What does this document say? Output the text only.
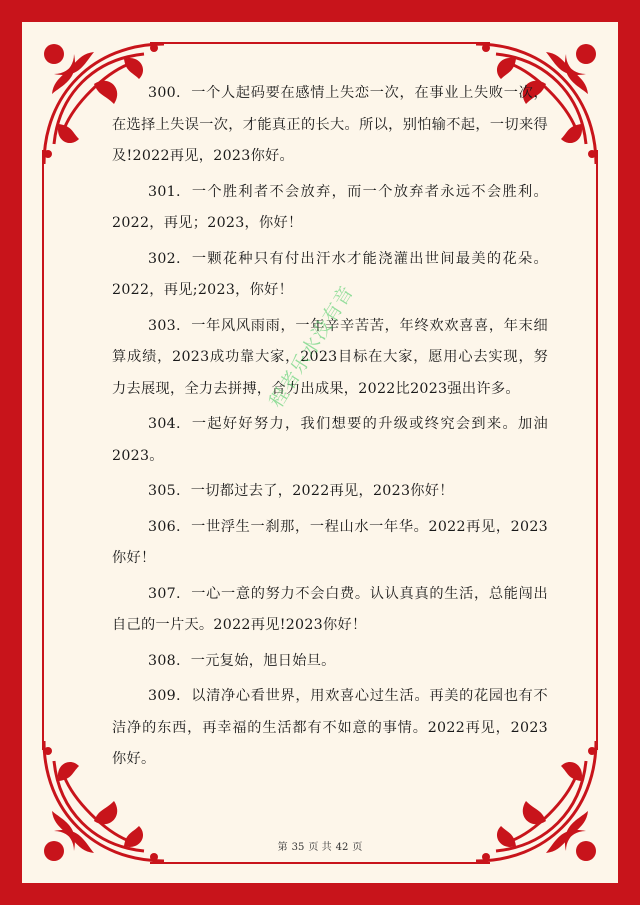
300. 一个人起码要在感情上失恋一次，在事业上失败一次，在选择上失误一次，才能真正的长大。所以，别怕输不起，一切来得及!2022再见，2023你好。

301. 一个胜利者不会放弃，而一个放弃者永远不会胜利。2022，再见；2023，你好！

302. 一颗花种只有付出汗水才能浇灌出世间最美的花朵。2022，再见;2023，你好！

303. 一年风风雨雨，一年辛辛苦苦，年终欢欢喜喜，年末细算成绩，2023成功靠大家，2023目标在大家，愿用心去实现，努力去展现，全力去拼搏，合力出成果，2022比2023强出许多。

304. 一起好好努力，我们想要的升级或终究会到来。加油2023。

305. 一切都过去了，2022再见，2023你好！

306. 一世浮生一刹那，一程山水一年华。2022再见，2023你好！

307. 一心一意的努力不会白费。认认真真的生活，总能闯出自己的一片天。2022再见!2023你好！

308. 一元复始，旭日始旦。

309. 以清净心看世界，用欢喜心过生活。再美的花园也有不洁净的东西，再幸福的生活都有不如意的事情。2022再见，2023你好。

程者乐水没有音
第 35 页 共 42 页
